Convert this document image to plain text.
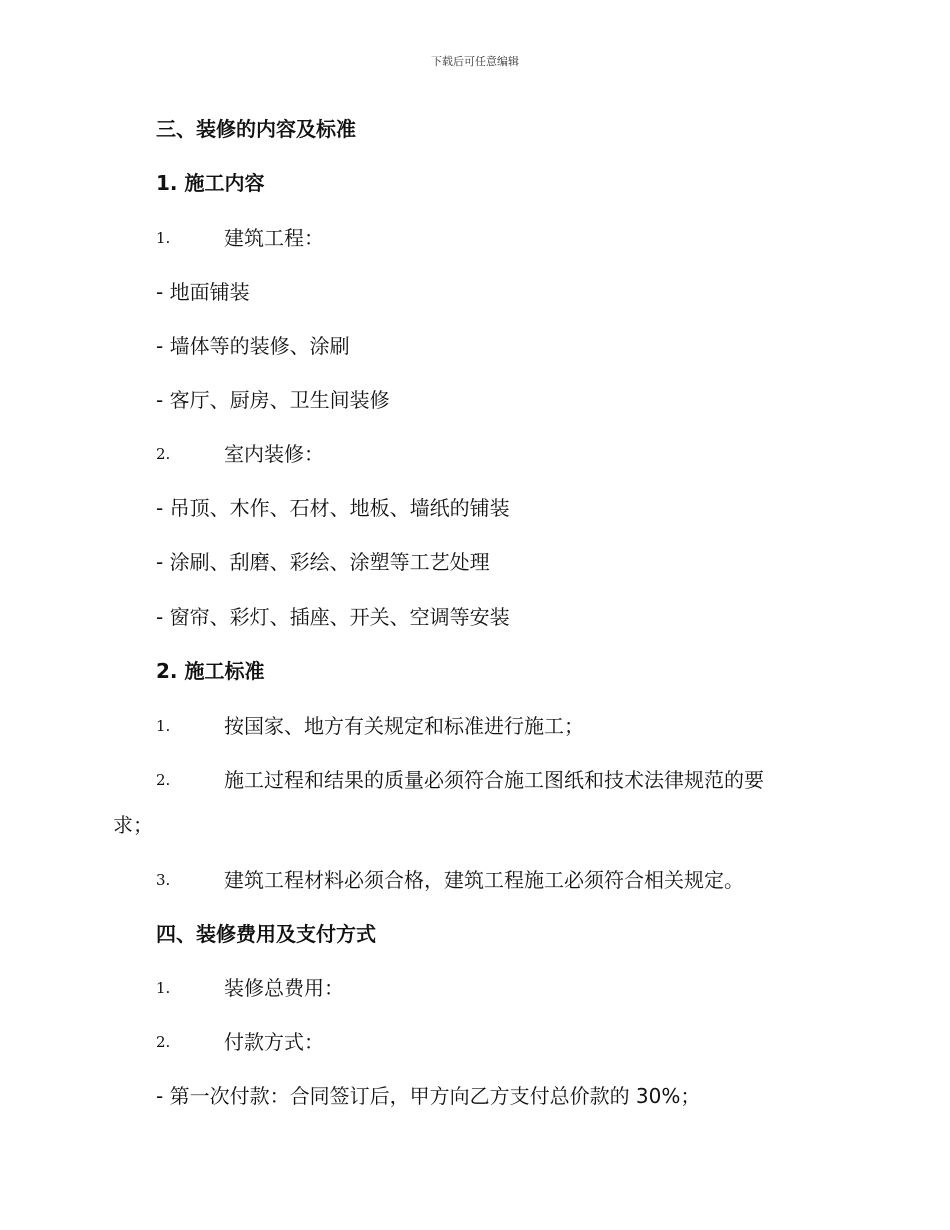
下载后可任意编辑
三、装修的内容及标准
1. 施工内容
1.	建筑工程：
- 地面铺装
- 墙体等的装修、涂刷
- 客厅、厨房、卫生间装修
2.	室内装修：
- 吊顶、木作、石材、地板、墙纸的铺装
- 涂刷、刮磨、彩绘、涂塑等工艺处理
- 窗帘、彩灯、插座、开关、空调等安装
2. 施工标准
1.	按国家、地方有关规定和标准进行施工；
2.	施工过程和结果的质量必须符合施工图纸和技术法律规范的要
求；
3.	建筑工程材料必须合格，建筑工程施工必须符合相关规定。
四、装修费用及支付方式
1.	装修总费用：
2.	付款方式：
- 第一次付款：合同签订后，甲方向乙方支付总价款的 30%；
